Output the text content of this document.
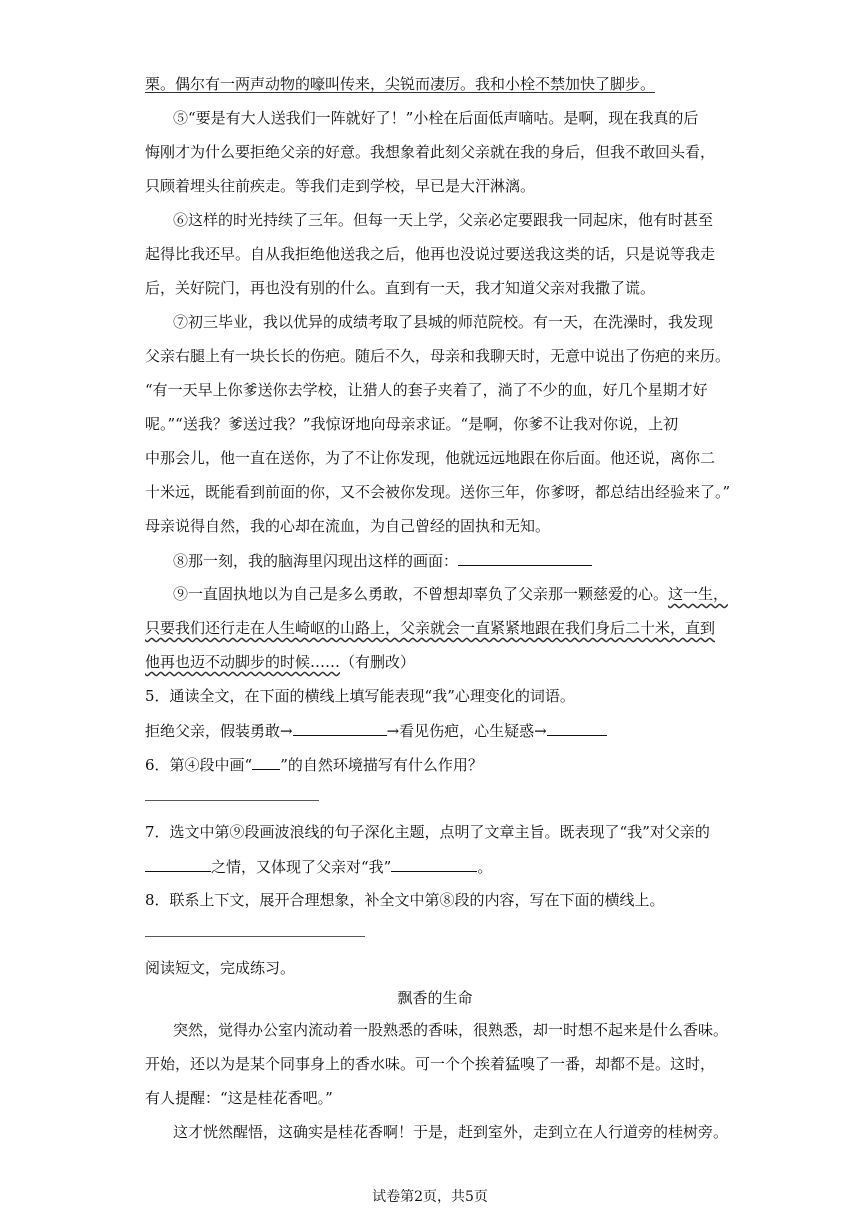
栗。偶尔有一两声动物的嚎叫传来，尖锐而凄厉。我和小栓不禁加快了脚步。
⑤“要是有大人送我们一阵就好了！”小栓在后面低声嘀咕。是啊，现在我真的后
悔刚才为什么要拒绝父亲的好意。我想象着此刻父亲就在我的身后，但我不敢回头看，
只顾着埋头往前疾走。等我们走到学校，早已是大汗淋漓。
⑥这样的时光持续了三年。但每一天上学，父亲必定要跟我一同起床，他有时甚至
起得比我还早。自从我拒绝他送我之后，他再也没说过要送我这类的话，只是说等我走
后，关好院门，再也没有别的什么。直到有一天，我才知道父亲对我撒了谎。
⑦初三毕业，我以优异的成绩考取了县城的师范院校。有一天，在洗澡时，我发现
父亲右腿上有一块长长的伤疤。随后不久，母亲和我聊天时，无意中说出了伤疤的来历。
“有一天早上你爹送你去学校，让猎人的套子夹着了，淌了不少的血，好几个星期才好
呢。”“送我？爹送过我？”我惊讶地向母亲求证。“是啊，你爹不让我对你说，上初
中那会儿，他一直在送你，为了不让你发现，他就远远地跟在你后面。他还说，离你二
十米远，既能看到前面的你，又不会被你发现。送你三年，你爹呀，都总结出经验来了。”
母亲说得自然，我的心却在流血，为自己曾经的固执和无知。
⑧那一刻，我的脑海里闪现出这样的画面：
⑨一直固执地以为自己是多么勇敢，不曾想却辜负了父亲那一颗慈爱的心。这一生，
只要我们还行走在人生崎岖的山路上，父亲就会一直紧紧地跟在我们身后二十米，直到
他再也迈不动脚步的时候……（有删改）
5．通读全文，在下面的横线上填写能表现“我”心理变化的词语。
拒绝父亲，假装勇敢→	→看见伤疤，心生疑惑→
6．第④段中画“ ”的自然环境描写有什么作用？
7．选文中第⑨段画波浪线的句子深化主题，点明了文章主旨。既表现了“我”对父亲的
之情，又体现了父亲对“我”	。
8．联系上下文，展开合理想象，补全文中第⑧段的内容，写在下面的横线上。
阅读短文，完成练习。
飘香的生命
突然，觉得办公室内流动着一股熟悉的香味，很熟悉，却一时想不起来是什么香味。
开始，还以为是某个同事身上的香水味。可一个个挨着猛嗅了一番，却都不是。这时，
有人提醒：“这是桂花香吧。”
这才恍然醒悟，这确实是桂花香啊！于是，赶到室外，走到立在人行道旁的桂树旁。
试卷第2页，共5页
